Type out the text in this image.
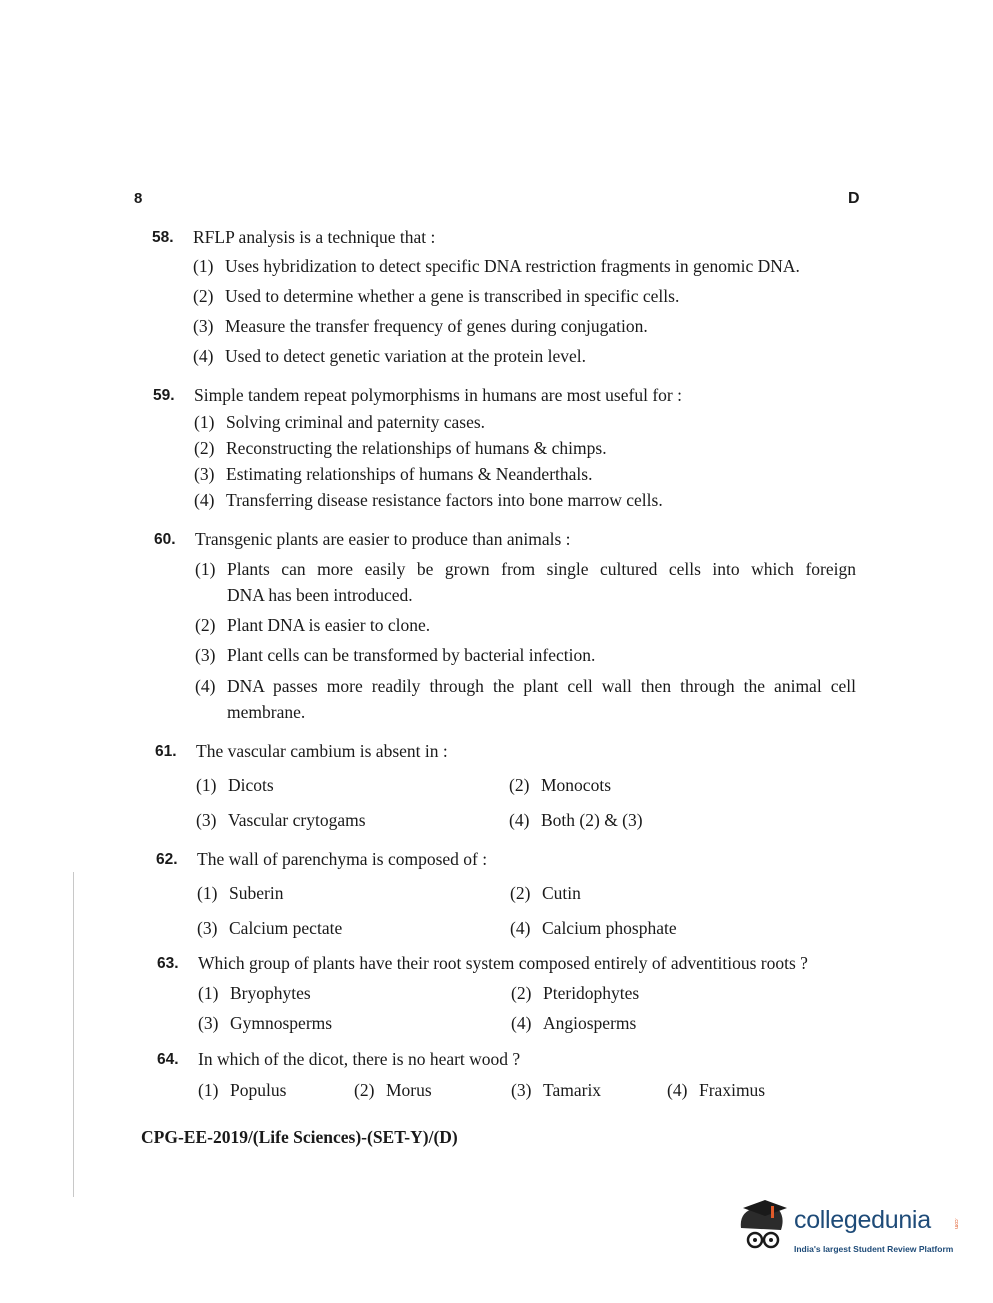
8	D
58. RFLP analysis is a technique that :
(1) Uses hybridization to detect specific DNA restriction fragments in genomic DNA.
(2) Used to determine whether a gene is transcribed in specific cells.
(3) Measure the transfer frequency of genes during conjugation.
(4) Used to detect genetic variation at the protein level.
59. Simple tandem repeat polymorphisms in humans are most useful for :
(1) Solving criminal and paternity cases.
(2) Reconstructing the relationships of humans & chimps.
(3) Estimating relationships of humans & Neanderthals.
(4) Transferring disease resistance factors into bone marrow cells.
60. Transgenic plants are easier to produce than animals :
(1) Plants can more easily be grown from single cultured cells into which foreign
DNA has been introduced.
(2) Plant DNA is easier to clone.
(3) Plant cells can be transformed by bacterial infection.
(4) DNA passes more readily through the plant cell wall then through the animal cell
membrane.
61. The vascular cambium is absent in :
(1) Dicots	(2) Monocots
(3) Vascular crytogams	(4) Both (2) & (3)
62. The wall of parenchyma is composed of :
(1) Suberin	(2) Cutin
(3) Calcium pectate	(4) Calcium phosphate
63. Which group of plants have their root system composed entirely of adventitious roots ?
(1) Bryophytes	(2) Pteridophytes
(3) Gymnosperms	(4) Angiosperms
64. In which of the dicot, there is no heart wood ?
(1) Populus	(2) Morus	(3) Tamarix	(4) Fraximus
CPG-EE-2019/(Life Sciences)-(SET-Y)/(D)
collegedunia	.com
India's largest Student Review Platform
